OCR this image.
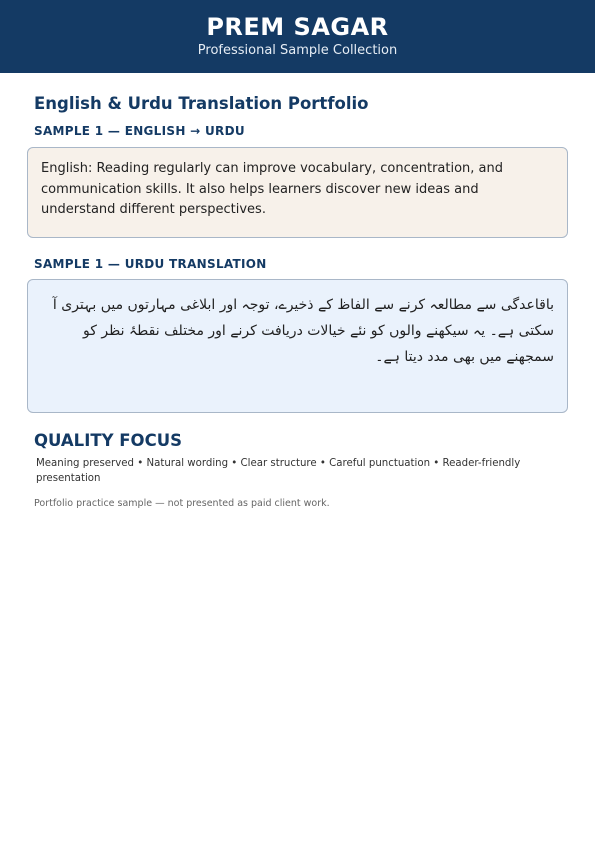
PREM SAGAR
Professional Sample Collection
English & Urdu Translation Portfolio
SAMPLE 1 — ENGLISH → URDU
English: Reading regularly can improve vocabulary, concentration, and communication skills. It also helps learners discover new ideas and understand different perspectives.
SAMPLE 1 — URDU TRANSLATION
باقاعدگی سے مطالعہ کرنے سے الفاظ کے ذخیرے، توجہ اور ابلاغی مہارتوں میں بہتری آ سکتی ہے۔ یہ سیکھنے والوں کو نئے خیالات دریافت کرنے اور مختلف نقطۂ نظر کو سمجھنے میں بھی مدد دیتا ہے۔
QUALITY FOCUS
Meaning preserved • Natural wording • Clear structure • Careful punctuation • Reader-friendly presentation
Portfolio practice sample — not presented as paid client work.
